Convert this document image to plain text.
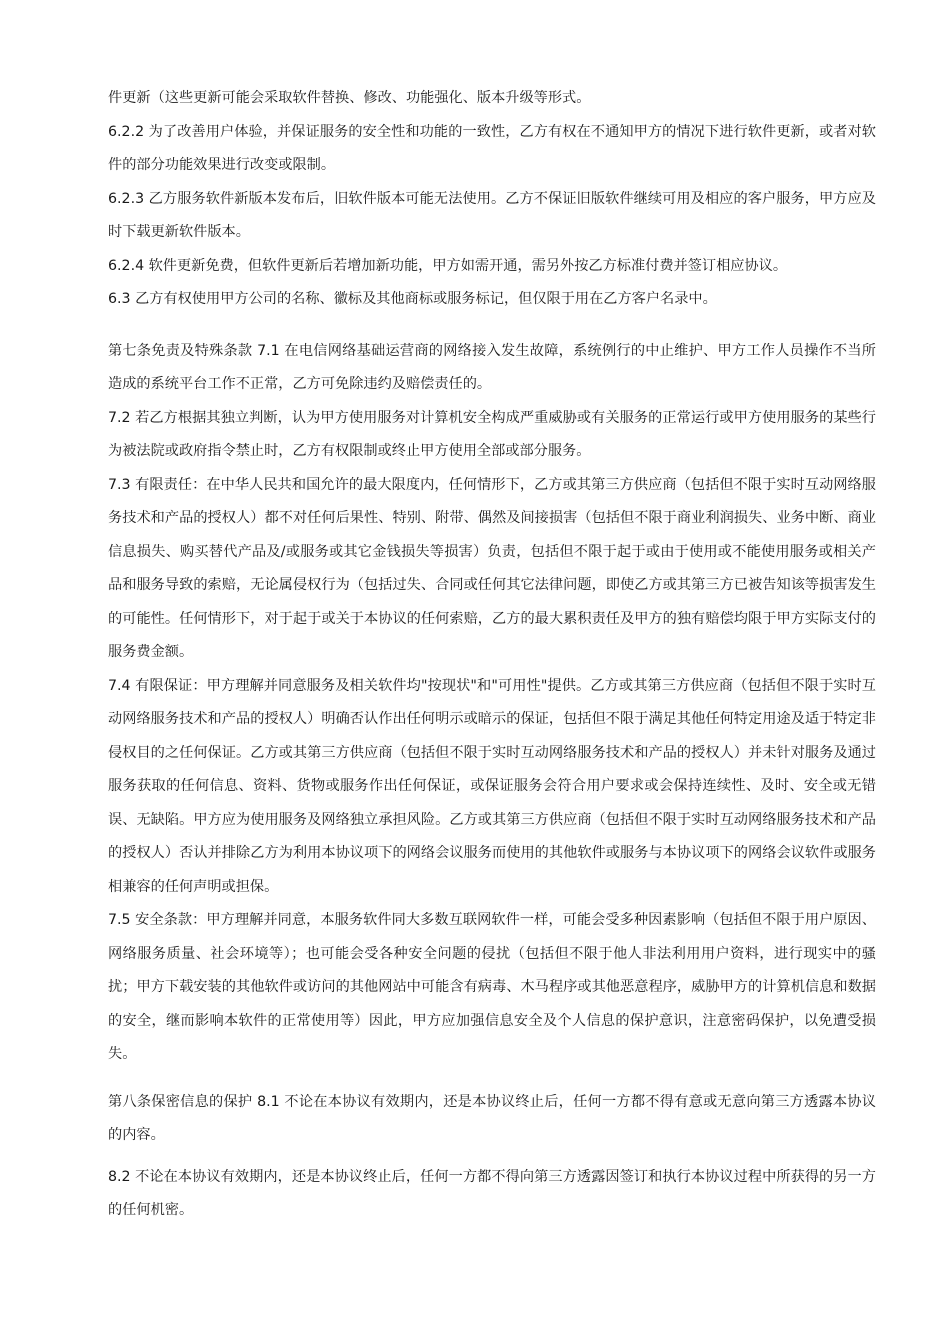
件更新（这些更新可能会采取软件替换、修改、功能强化、版本升级等形式。

6.2.2 为了改善用户体验，并保证服务的安全性和功能的一致性，乙方有权在不通知甲方的情况下进行软件更新，或者对软件的部分功能效果进行改变或限制。

6.2.3 乙方服务软件新版本发布后，旧软件版本可能无法使用。乙方不保证旧版软件继续可用及相应的客户服务，甲方应及时下载更新软件版本。

6.2.4 软件更新免费，但软件更新后若增加新功能，甲方如需开通，需另外按乙方标准付费并签订相应协议。

6.3 乙方有权使用甲方公司的名称、徽标及其他商标或服务标记，但仅限于用在乙方客户名录中。

第七条免责及特殊条款 7.1 在电信网络基础运营商的网络接入发生故障，系统例行的中止维护、甲方工作人员操作不当所造成的系统平台工作不正常，乙方可免除违约及赔偿责任的。

7.2 若乙方根据其独立判断，认为甲方使用服务对计算机安全构成严重威胁或有关服务的正常运行或甲方使用服务的某些行为被法院或政府指令禁止时，乙方有权限制或终止甲方使用全部或部分服务。

7.3 有限责任：在中华人民共和国允许的最大限度内，任何情形下，乙方或其第三方供应商（包括但不限于实时互动网络服务技术和产品的授权人）都不对任何后果性、特别、附带、偶然及间接损害（包括但不限于商业利润损失、业务中断、商业信息损失、购买替代产品及/或服务或其它金钱损失等损害）负责，包括但不限于起于或由于使用或不能使用服务或相关产品和服务导致的索赔，无论属侵权行为（包括过失、合同或任何其它法律问题，即使乙方或其第三方已被告知该等损害发生的可能性。任何情形下，对于起于或关于本协议的任何索赔，乙方的最大累积责任及甲方的独有赔偿均限于甲方实际支付的服务费金额。

7.4 有限保证：甲方理解并同意服务及相关软件均"按现状"和"可用性"提供。乙方或其第三方供应商（包括但不限于实时互动网络服务技术和产品的授权人）明确否认作出任何明示或暗示的保证，包括但不限于满足其他任何特定用途及适于特定非侵权目的之任何保证。乙方或其第三方供应商（包括但不限于实时互动网络服务技术和产品的授权人）并未针对服务及通过服务获取的任何信息、资料、货物或服务作出任何保证，或保证服务会符合用户要求或会保持连续性、及时、安全或无错误、无缺陷。甲方应为使用服务及网络独立承担风险。乙方或其第三方供应商（包括但不限于实时互动网络服务技术和产品的授权人）否认并排除乙方为利用本协议项下的网络会议服务而使用的其他软件或服务与本协议项下的网络会议软件或服务相兼容的任何声明或担保。

7.5 安全条款：甲方理解并同意，本服务软件同大多数互联网软件一样，可能会受多种因素影响（包括但不限于用户原因、网络服务质量、社会环境等）；也可能会受各种安全问题的侵扰（包括但不限于他人非法利用用户资料，进行现实中的骚扰；甲方下载安装的其他软件或访问的其他网站中可能含有病毒、木马程序或其他恶意程序，威胁甲方的计算机信息和数据的安全，继而影响本软件的正常使用等）因此，甲方应加强信息安全及个人信息的保护意识，注意密码保护，以免遭受损失。

第八条保密信息的保护 8.1 不论在本协议有效期内，还是本协议终止后，任何一方都不得有意或无意向第三方透露本协议的内容。

8.2 不论在本协议有效期内，还是本协议终止后，任何一方都不得向第三方透露因签订和执行本协议过程中所获得的另一方的任何机密。
